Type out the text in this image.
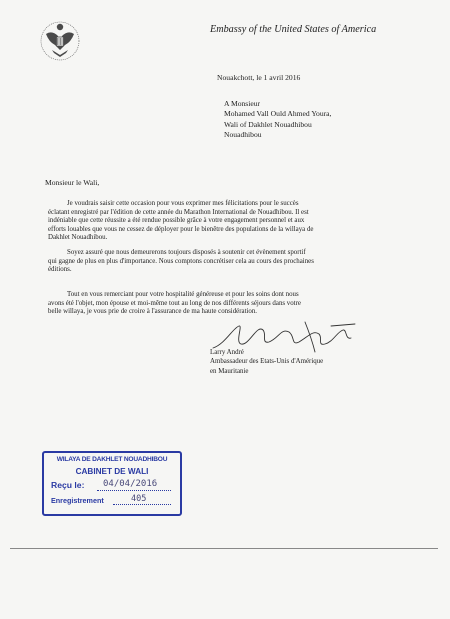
Embassy of the United States of America
Nouakchott, le 1 avril 2016
A Monsieur
Mohamed Vall Ould Ahmed Youra,
Wali of Dakhlet Nouadhibou
Nouadhibou
Monsieur le Wali,
Je voudrais saisir cette occasion pour vous exprimer mes félicitations pour le succès
éclatant enregistré par l'édition de cette année du Marathon International de Nouadhibou. Il est
indéniable que cette réussite a été rendue possible grâce à votre engagement personnel et aux
efforts louables que vous ne cessez de déployer pour le bienêtre des populations de la willaya de
Dakhlet Nouadhibou.
Soyez assuré que nous demeurerons toujours disposés à soutenir cet évènement sportif
qui gagne de plus en plus d'importance. Nous comptons concrétiser cela au cours des prochaines
éditions.
Tout en vous remerciant pour votre hospitalité généreuse et pour les soins dont nous
avons été l'objet, mon épouse et moi-même tout au long de nos différents séjours dans votre
belle willaya, je vous prie de croire à l'assurance de ma haute considération.
Larry André
Ambassadeur des Etats-Unis d'Amérique
en Mauritanie
WILAYA DE DAKHLET NOUADHIBOU
CABINET DE WALI
Reçu le: 04/04/2016
Enregistrement	405
